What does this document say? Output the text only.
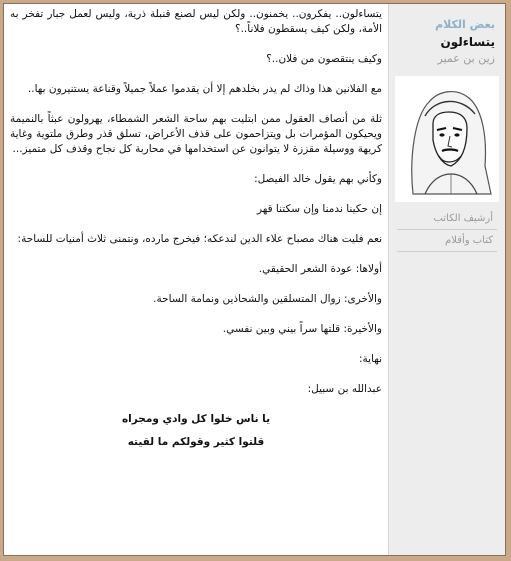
يتساءلون.. يفكرون.. يخمنون.. ولكن ليس لصنع قنبلة ذرية، وليس لعمل جبار تفخر به الأمة، ولكن كيف يسقطون فلاناً..؟

وكيف ينتقصون من فلان..؟

مع الفلانين هذا وذاك لم يدر بخلدهم إلا أن يقدموا عملاً جميلاً وقناعة يستنيرون بها..

ثلة من أنصاف العقول ممن ابتليت بهم ساحة الشعر الشمطاء، يهرولون عبثاً بالنميمة ويحيكون المؤمرات بل ويتزاحمون على قذف الأعراض، تسلق قذر وطرق ملتوية وغاية كريهة ووسيلة مقززة لا يتوانون عن استخدامها في محاربة كل نجاح وقذف كل متميز...

وكأني بهم يقول خالد الفيصل:

إن حكينا ندمنا وإن سكتنا قهر

نعم فليت هناك مصباح علاء الدين لندعكه؛ فيخرج مارده، ونتمنى ثلاث أمنيات للساحة:

أولاها: عودة الشعر الحقيقي.

والأخرى: زوال المتسلقين والشحاذين ونمامة الساحة.

والأخيرة: قلتها سراً بيني وبين نفسي.

نهاية:

عبدالله بن سبيل:

يا ناس خلوا كل وادي ومجراه

قلتوا كثير وقولكم ما لقيته

بعض الكلام
يتساءلون
زين بن عمير
أرشيف الكاتب
كتاب وأقلام
